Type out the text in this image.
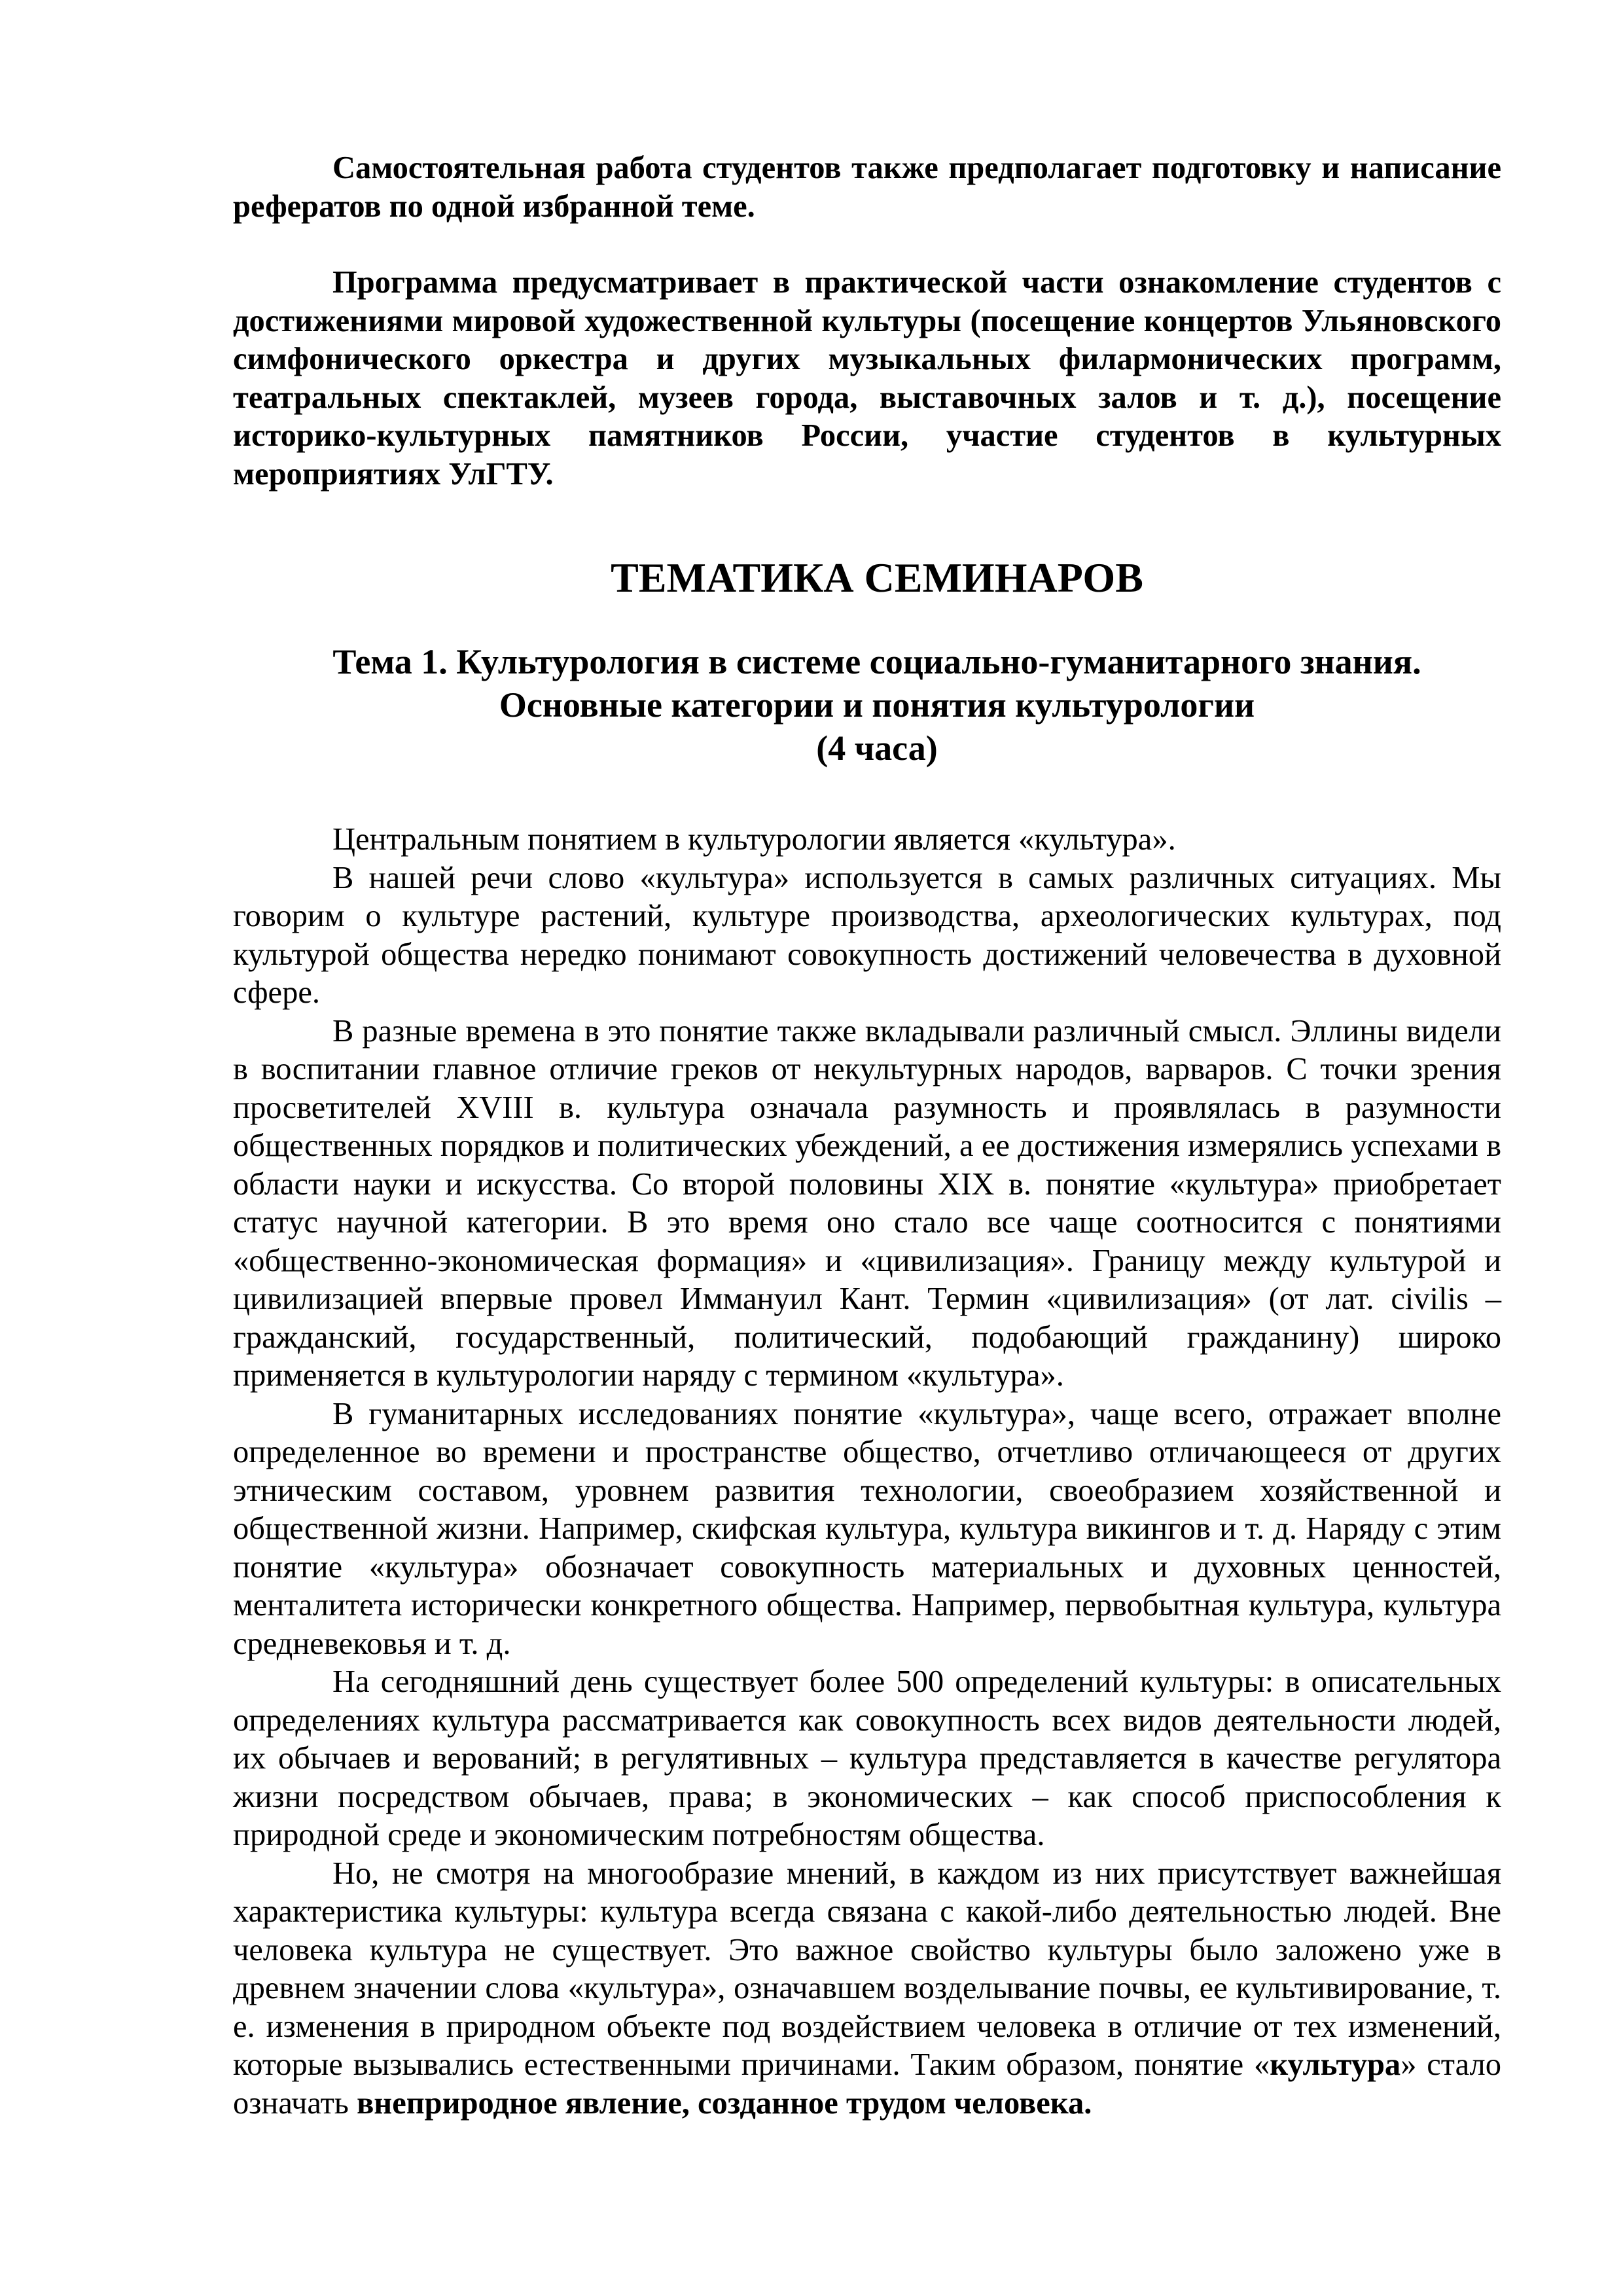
Самостоятельная работа студентов также предполагает подготовку и написание рефератов по одной избранной теме.

Программа предусматривает в практической части ознакомление студентов с достижениями мировой художественной культуры (посещение концертов Ульяновского симфонического оркестра и других музыкальных филармонических программ, театральных спектаклей, музеев города, выставочных залов и т. д.), посещение историко-культурных памятников России, участие студентов в культурных мероприятиях УлГТУ.

ТЕМАТИКА СЕМИНАРОВ
Тема 1. Культурология в системе социально-гуманитарного знания.
Основные категории и понятия культурологии
(4 часа)

Центральным понятием в культурологии является «культура».

В нашей речи слово «культура» используется в самых различных ситуациях. Мы говорим о культуре растений, культуре производства, археологических культурах, под культурой общества нередко понимают совокупность достижений человечества в духовной сфере.

В разные времена в это понятие также вкладывали различный смысл. Эллины видели в воспитании главное отличие греков от некультурных народов, варваров. С точки зрения просветителей XVIII в. культура означала разумность и проявлялась в разумности общественных порядков и политических убеждений, а ее достижения измерялись успехами в области науки и искусства. Со второй половины XIX в. понятие «культура» приобретает статус научной категории. В это время оно стало все чаще соотносится с понятиями «общественно-экономическая формация» и «цивилизация». Границу между культурой и цивилизацией впервые провел Иммануил Кант. Термин «цивилизация» (от лат. civilis – гражданский, государственный, политический, подобающий гражданину) широко применяется в культурологии наряду с термином «культура».

В гуманитарных исследованиях понятие «культура», чаще всего, отражает вполне определенное во времени и пространстве общество, отчетливо отличающееся от других этническим составом, уровнем развития технологии, своеобразием хозяйственной и общественной жизни. Например, скифская культура, культура викингов и т. д. Наряду с этим понятие «культура» обозначает совокупность материальных и духовных ценностей, менталитета исторически конкретного общества. Например, первобытная культура, культура средневековья и т. д.

На сегодняшний день существует более 500 определений культуры: в описательных определениях культура рассматривается как совокупность всех видов деятельности людей, их обычаев и верований; в регулятивных – культура представляется в качестве регулятора жизни посредством обычаев, права; в экономических – как способ приспособления к природной среде и экономическим потребностям общества.

Но, не смотря на многообразие мнений, в каждом из них присутствует важнейшая характеристика культуры: культура всегда связана с какой-либо деятельностью людей. Вне человека культура не существует. Это важное свойство культуры было заложено уже в древнем значении слова «культура», означавшем возделывание почвы, ее культивирование, т. е. изменения в природном объекте под воздействием человека в отличие от тех изменений, которые вызывались естественными причинами. Таким образом, понятие «культура» стало означать внеприродное явление, созданное трудом человека.
